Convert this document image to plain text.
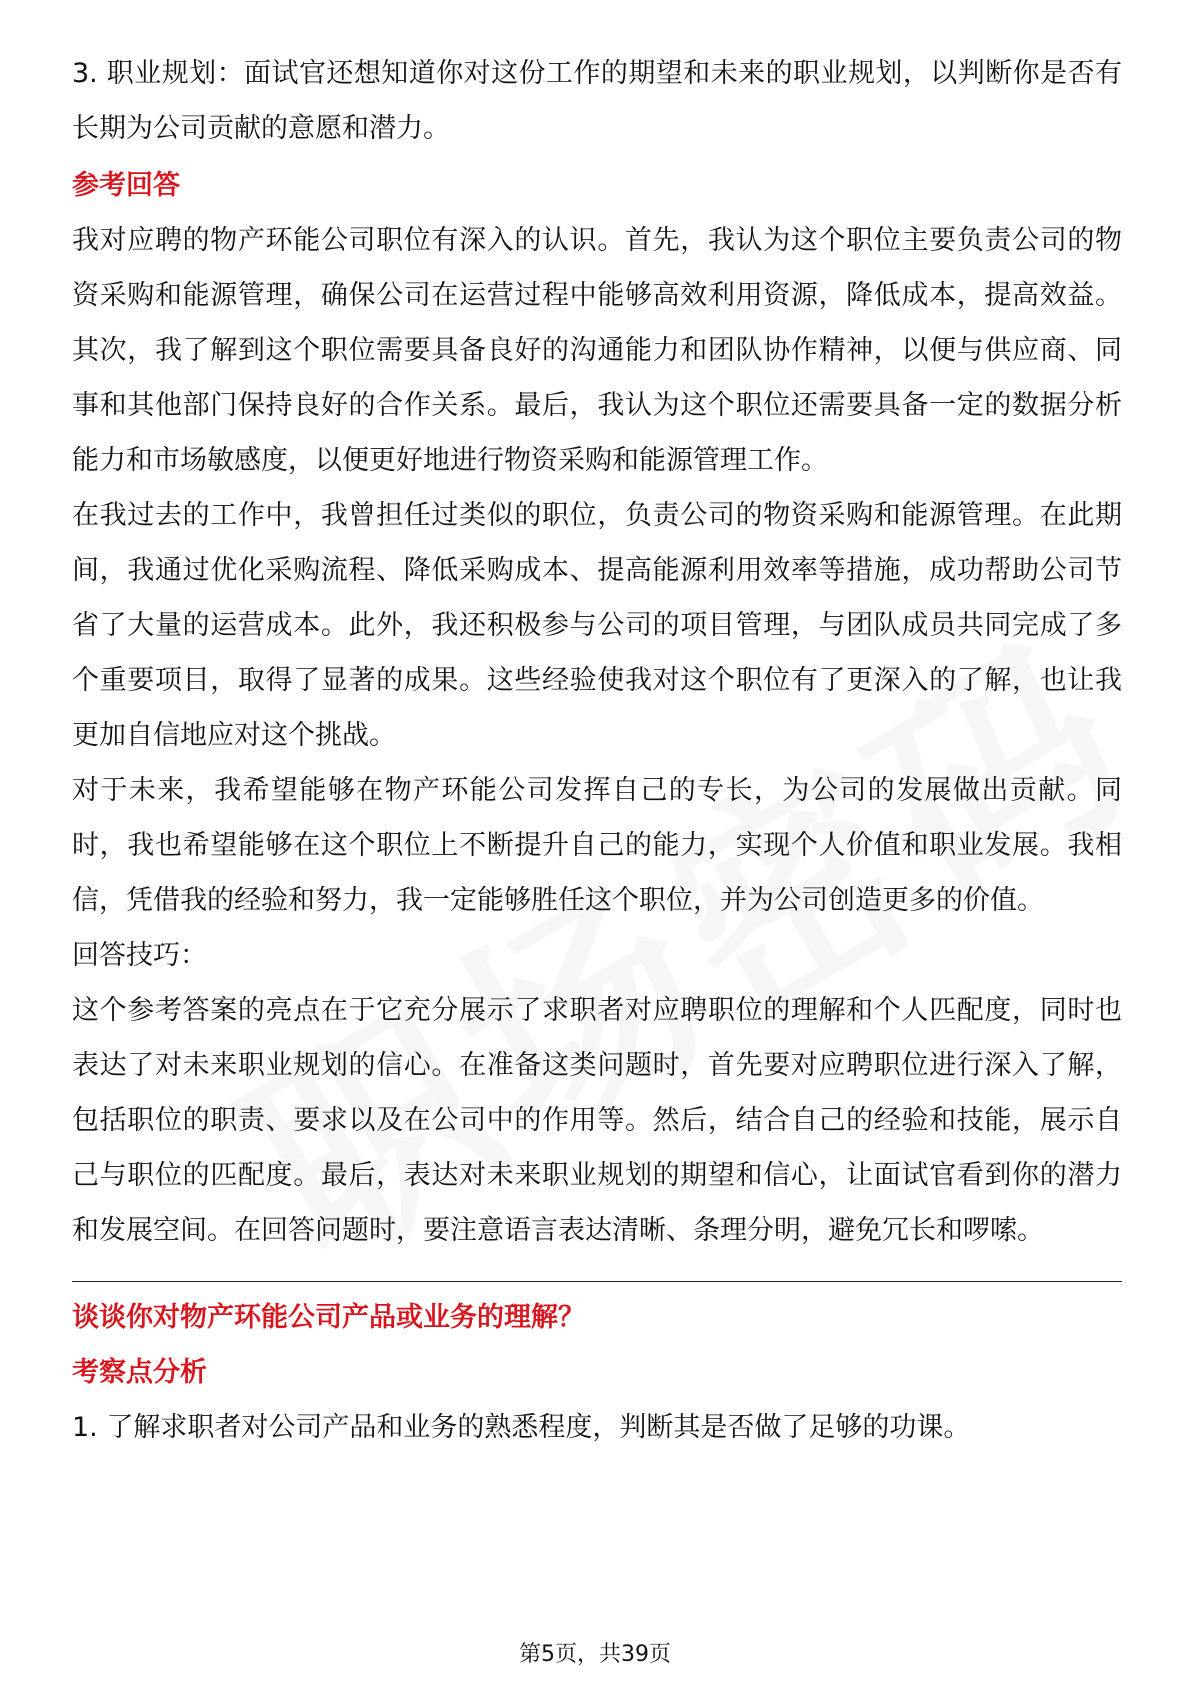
3. 职业规划：面试官还想知道你对这份工作的期望和未来的职业规划，以判断你是否有长期为公司贡献的意愿和潜力。

参考回答

我对应聘的物产环能公司职位有深入的认识。首先，我认为这个职位主要负责公司的物资采购和能源管理，确保公司在运营过程中能够高效利用资源，降低成本，提高效益。其次，我了解到这个职位需要具备良好的沟通能力和团队协作精神，以便与供应商、同事和其他部门保持良好的合作关系。最后，我认为这个职位还需要具备一定的数据分析能力和市场敏感度，以便更好地进行物资采购和能源管理工作。

在我过去的工作中，我曾担任过类似的职位，负责公司的物资采购和能源管理。在此期间，我通过优化采购流程、降低采购成本、提高能源利用效率等措施，成功帮助公司节省了大量的运营成本。此外，我还积极参与公司的项目管理，与团队成员共同完成了多个重要项目，取得了显著的成果。这些经验使我对这个职位有了更深入的了解，也让我更加自信地应对这个挑战。

对于未来，我希望能够在物产环能公司发挥自己的专长，为公司的发展做出贡献。同时，我也希望能够在这个职位上不断提升自己的能力，实现个人价值和职业发展。我相信，凭借我的经验和努力，我一定能够胜任这个职位，并为公司创造更多的价值。

回答技巧：

这个参考答案的亮点在于它充分展示了求职者对应聘职位的理解和个人匹配度，同时也表达了对未来职业规划的信心。在准备这类问题时，首先要对应聘职位进行深入了解，包括职位的职责、要求以及在公司中的作用等。然后，结合自己的经验和技能，展示自己与职位的匹配度。最后，表达对未来职业规划的期望和信心，让面试官看到你的潜力和发展空间。在回答问题时，要注意语言表达清晰、条理分明，避免冗长和啰嗦。

谈谈你对物产环能公司产品或业务的理解？

考察点分析

1. 了解求职者对公司产品和业务的熟悉程度，判断其是否做了足够的功课。

第5页，共39页
